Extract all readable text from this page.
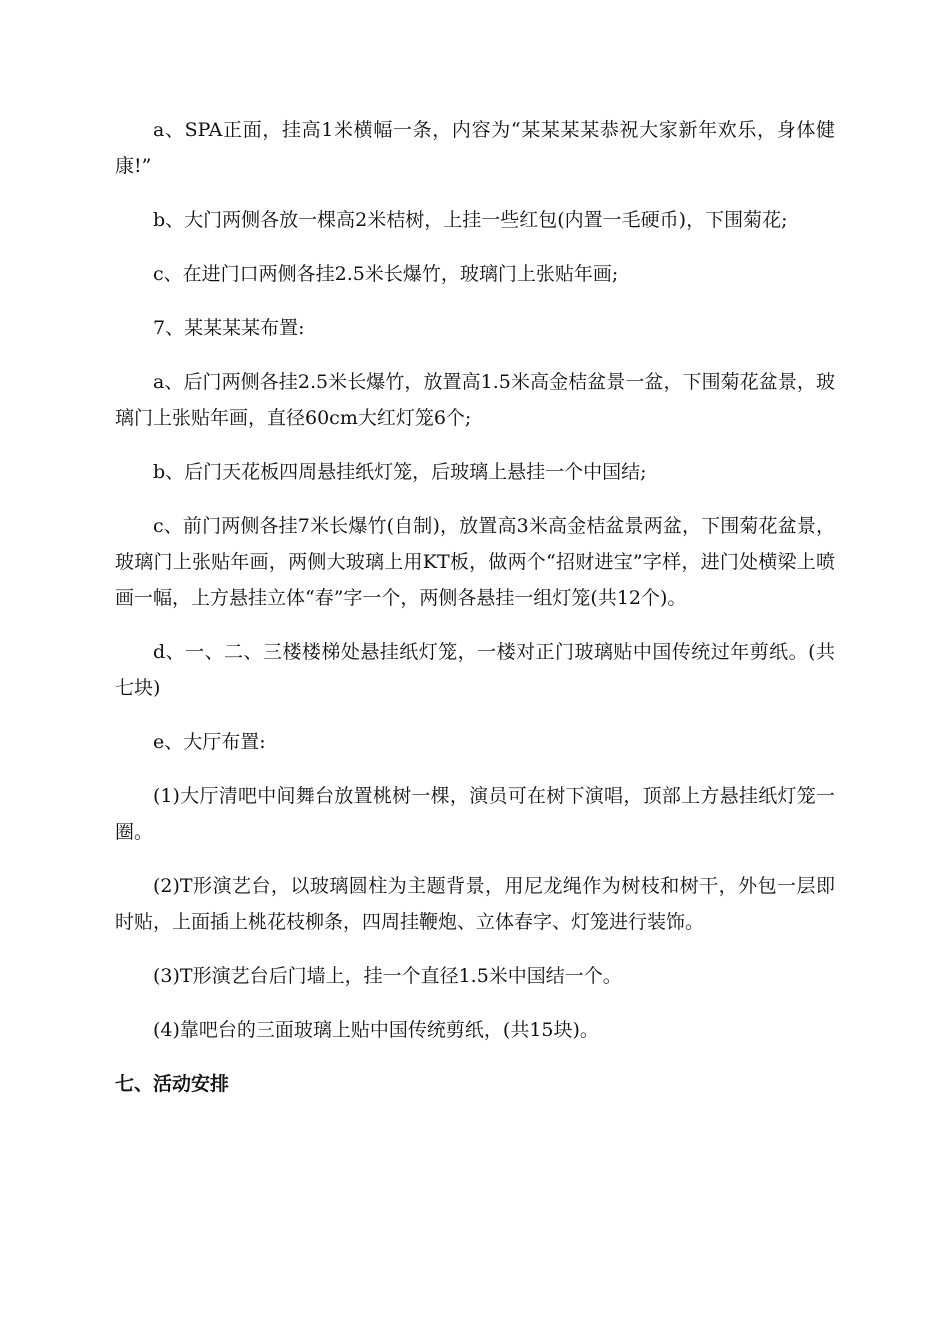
a、SPA正面，挂高1米横幅一条，内容为“某某某某恭祝大家新年欢乐，身体健康!”

b、大门两侧各放一棵高2米桔树，上挂一些红包(内置一毛硬币)，下围菊花;

c、在进门口两侧各挂2.5米长爆竹，玻璃门上张贴年画;

7、某某某某布置:

a、后门两侧各挂2.5米长爆竹，放置高1.5米高金桔盆景一盆，下围菊花盆景，玻璃门上张贴年画，直径60cm大红灯笼6个;

b、后门天花板四周悬挂纸灯笼，后玻璃上悬挂一个中国结;

c、前门两侧各挂7米长爆竹(自制)，放置高3米高金桔盆景两盆，下围菊花盆景，玻璃门上张贴年画，两侧大玻璃上用KT板，做两个“招财进宝”字样，进门处横梁上喷画一幅，上方悬挂立体“春”字一个，两侧各悬挂一组灯笼(共12个)。

d、一、二、三楼楼梯处悬挂纸灯笼，一楼对正门玻璃贴中国传统过年剪纸。(共七块)

e、大厅布置:

(1)大厅清吧中间舞台放置桃树一棵，演员可在树下演唱，顶部上方悬挂纸灯笼一圈。

(2)T形演艺台，以玻璃圆柱为主题背景，用尼龙绳作为树枝和树干，外包一层即时贴，上面插上桃花枝柳条，四周挂鞭炮、立体春字、灯笼进行装饰。

(3)T形演艺台后门墙上，挂一个直径1.5米中国结一个。

(4)靠吧台的三面玻璃上贴中国传统剪纸，(共15块)。

七、活动安排
